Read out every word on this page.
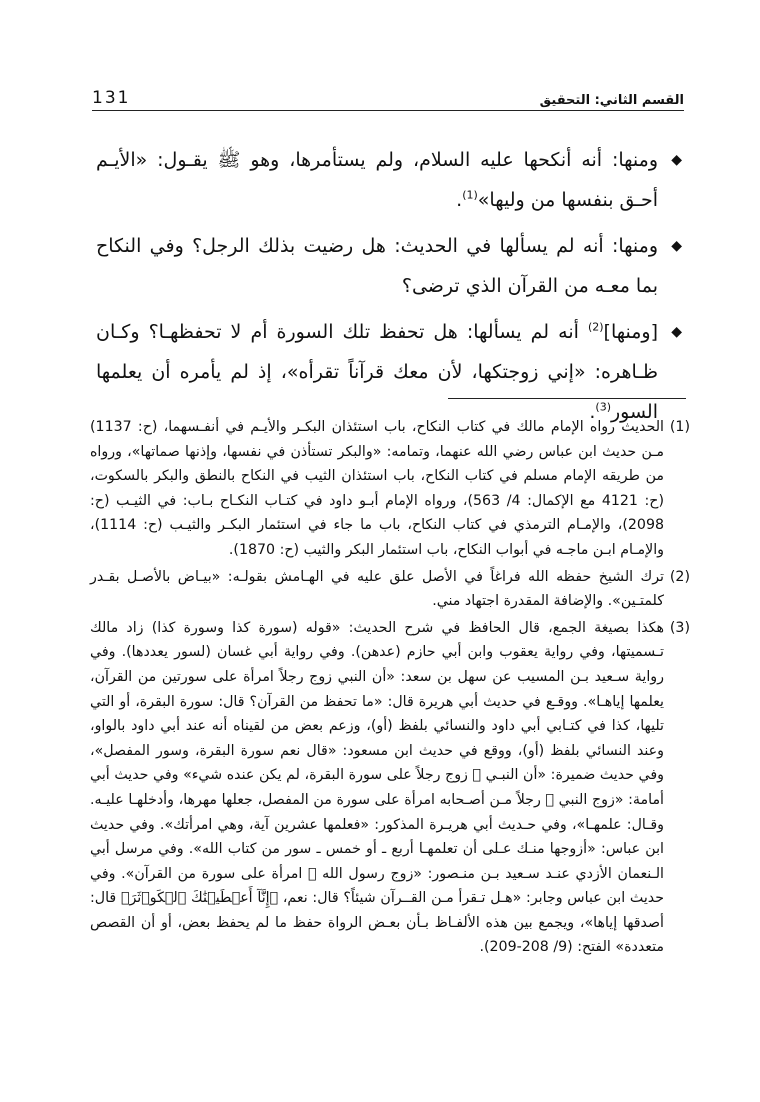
131	القسم الثاني: التحقيق
◆
ومنها: أنه أنكحها عليه السلام، ولم يستأمرها، وهو ﷺ يقـول: «الأيـم أحـق بنفسها من وليها»$^{(1)}$.
◆
ومنها: أنه لم يسألها في الحديث: هل رضيت بذلك الرجل؟ وفي النكاح بما معـه من القرآن الذي ترضى؟
◆
[ومنها]$^{(2)}$ أنه لم يسألها: هل تحفظ تلك السورة أم لا تحفظهـا؟ وكـان ظـاهره: «إني زوجتكها، لأن معك قرآناً تقرأه»، إذ لم يأمره أن يعلمها السور$^{(3)}$.

(1)الحديث رواه الإمام مالك في كتاب النكاح، باب استئذان البكـر والأيـم في أنفـسهما، (ح: 1137) مـن حديث ابن عباس رضي الله عنهما، وتمامه: «والبكر تستأذن في نفسها، وإذنها صماتها»، ورواه من طريقه الإمام مسلم في كتاب النكاح، باب استئذان الثيب في النكاح بالنطق والبكر بالسكوت، (ح: 4121 مع الإكمال: 4/ 563)، ورواه الإمام أبـو داود في كتـاب النكـاح بـاب: في الثيـب (ح: 2098)، والإمـام الترمذي في كتاب النكاح، باب ما جاء في استئمار البكـر والثيـب (ح: 1114)، والإمـام ابـن ماجـه في أبواب النكاح، باب استئمار البكر والثيب (ح: 1870).

(2)ترك الشيخ حفظه الله فراغاً في الأصل علق عليه في الهـامش بقولـه: «بيـاض بالأصـل بقـدر كلمتـين». والإضافة المقدرة اجتهاد مني.

(3)هكذا بصيغة الجمع، قال الحافظ في شرح الحديث: «قوله (سورة كذا وسورة كذا) زاد مالك تـسميتها، وفي رواية يعقوب وابن أبي حازم (عدهن). وفي رواية أبي غسان (لسور يعددها). وفي رواية سـعيد بـن المسيب عن سهل بن سعد: «أن النبي زوج رجلاً امرأة على سورتين من القرآن، يعلمها إياهـا». ووقـع في حديث أبي هريرة قال: «ما تحفظ من القرآن؟ قال: سورة البقرة، أو التي تليها، كذا في كتـابي أبي داود والنسائي بلفظ (أو)، وزعم بعض من لقيناه أنه عند أبي داود بالواو، وعند النسائي بلفظ (أو)، ووقع في حديث ابن مسعود: «قال نعم سورة البقرة، وسور المفصل»، وفي حديث ضميرة: «أن النبـي ﷺ زوج رجلاً على سورة البقرة، لم يكن عنده شيء» وفي حديث أبي أمامة: «زوج النبي ﷺ رجلاً مـن أصـحابه امرأة على سورة من المفصل، جعلها مهرها، وأدخلهـا عليـه. وقـال: علمهـا»، وفي حـديث أبي هريـرة المذكور: «فعلمها عشرين آية، وهي امرأتك». وفي حديث ابن عباس: «أزوجها منـك عـلى أن تعلمهـا أربع ـ أو خمس ـ سور من كتاب الله». وفي مرسل أبي الـنعمان الأزدي عنـد سـعيد بـن منـصور: «زوج رسول الله ﷺ امرأة على سورة من القرآن». وفي حديث ابن عباس وجابر: «هـل تـقرأ مـن القــرآن شيئاً؟ قال: نعم، ﴿إِنَّآ أَعۡطَيۡنَٰكَ ٱلۡكَوۡثَرَ﴾ قال: أصدقها إياها»، ويجمع بين هذه الألفـاظ بـأن بعـض الرواة حفظ ما لم يحفظ بعض، أو أن القصص متعددة» الفتح: (9/ 208-209).
